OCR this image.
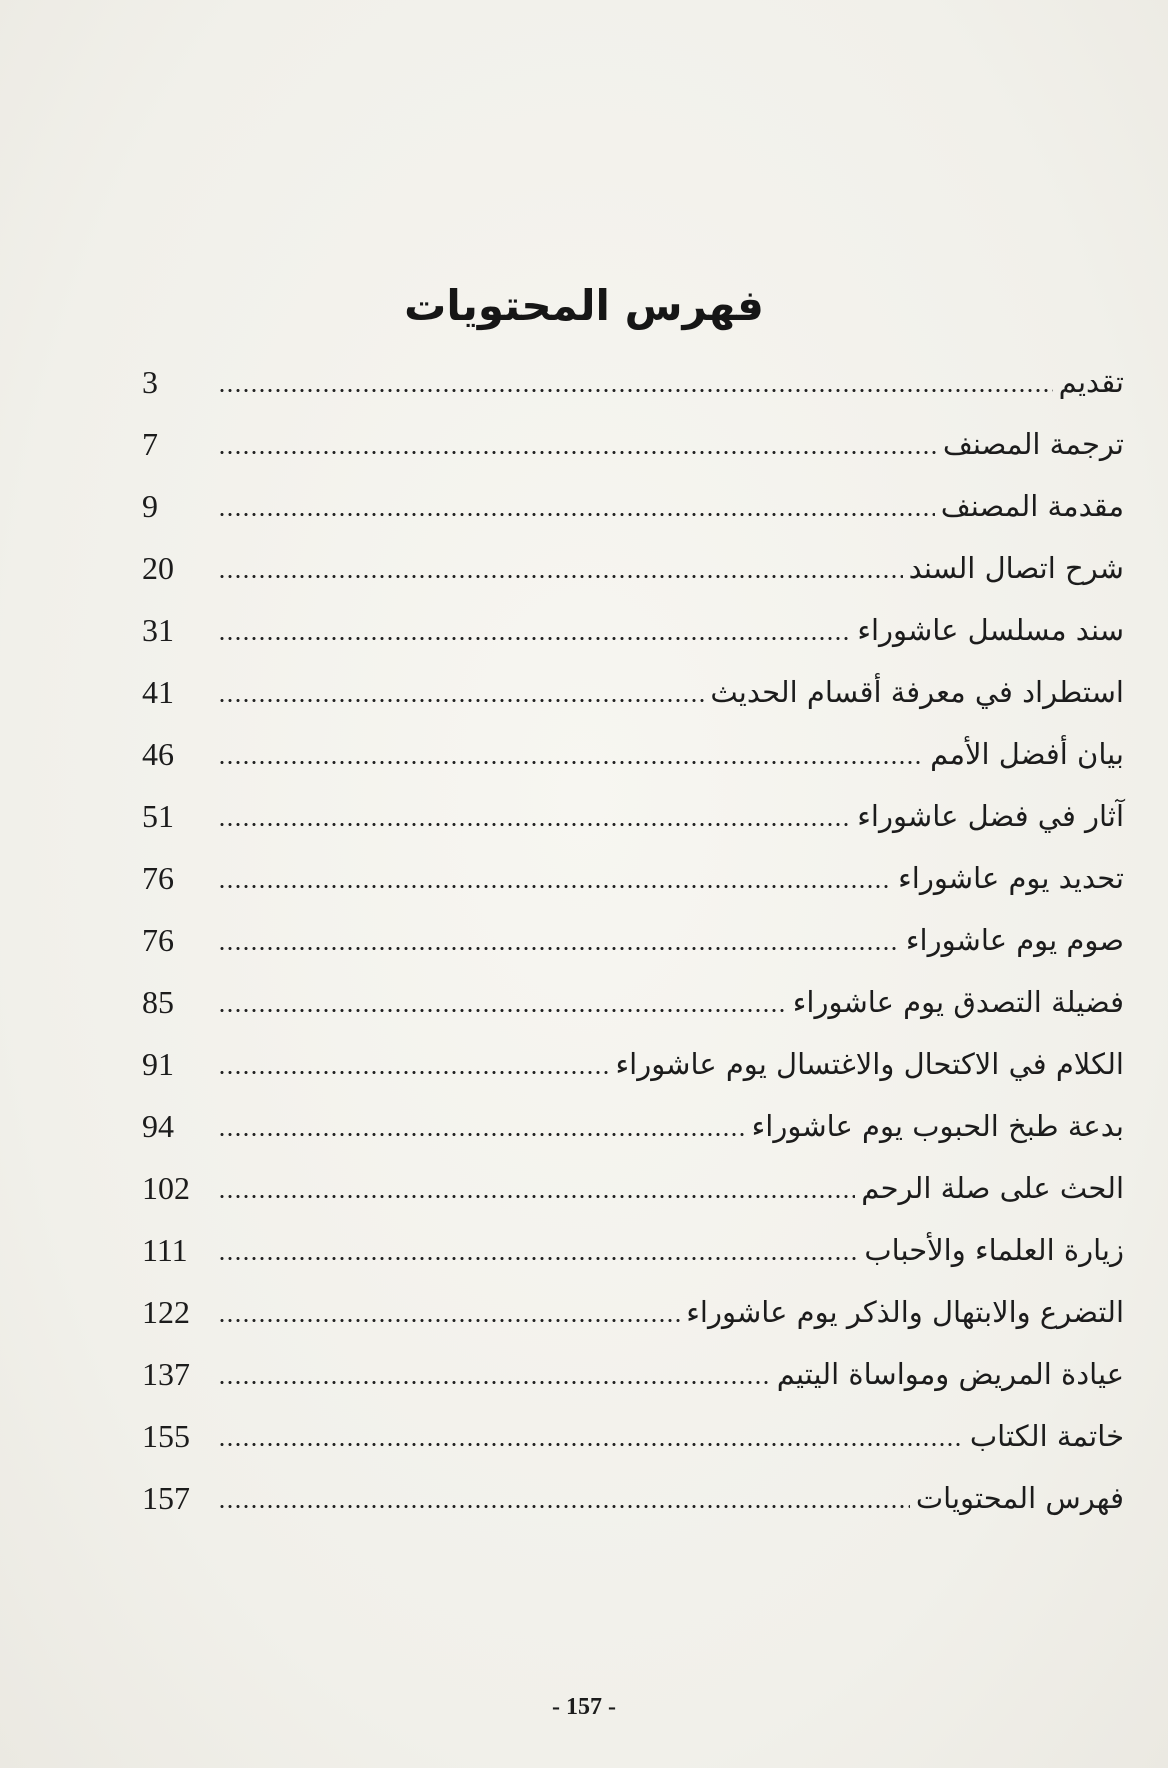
فهرس المحتويات
تقديم
3
ترجمة المصنف
7
مقدمة المصنف
9
شرح اتصال السند
20
سند مسلسل عاشوراء
31
استطراد في معرفة أقسام الحديث
41
بيان أفضل الأمم
46
آثار في فضل عاشوراء
51
تحديد يوم عاشوراء
76
صوم يوم عاشوراء
76
فضيلة التصدق يوم عاشوراء
85
الكلام في الاكتحال والاغتسال يوم عاشوراء
91
بدعة طبخ الحبوب يوم عاشوراء
94
الحث على صلة الرحم
102
زيارة العلماء والأحباب
111
التضرع والابتهال والذكر يوم عاشوراء
122
عيادة المريض ومواساة اليتيم
137
خاتمة الكتاب
155
فهرس المحتويات
157
- 157 -
